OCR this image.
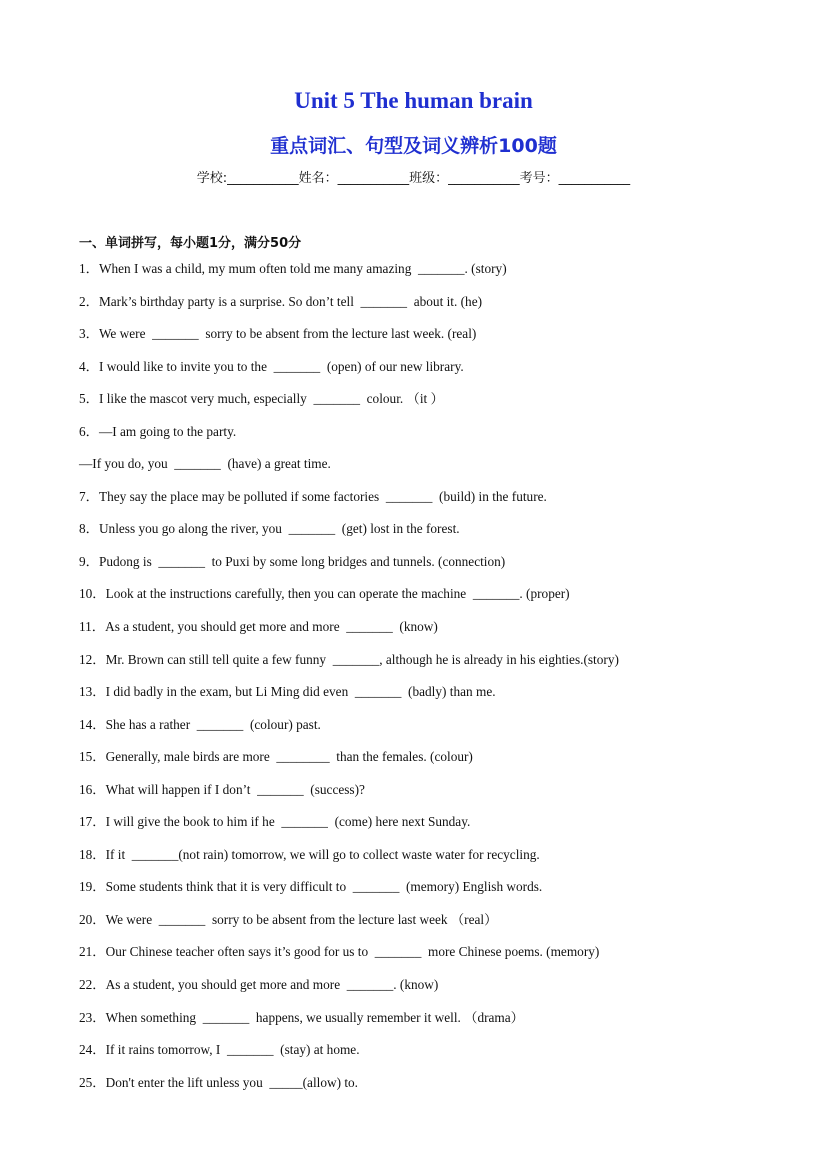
Unit 5 The human brain
重点词汇、句型及词义辨析100题
学校:___________姓名：___________班级：___________考号：___________
一、单词拼写，每小题1分，满分50分
1．When I was a child, my mum often told me many amazing  _______. (story)
2．Mark’s birthday party is a surprise. So don’t tell  _______  about it. (he)
3．We were  _______  sorry to be absent from the lecture last week. (real)
4．I would like to invite you to the  _______  (open) of our new library.
5．I like the mascot very much, especially  _______  colour. （it ）
6．—I am going to the party.
—If you do, you  _______  (have) a great time.
7．They say the place may be polluted if some factories  _______  (build) in the future.
8．Unless you go along the river, you  _______  (get) lost in the forest.
9．Pudong is  _______  to Puxi by some long bridges and tunnels. (connection)
10．Look at the instructions carefully, then you can operate the machine  _______. (proper)
11．As a student, you should get more and more  _______  (know)
12．Mr. Brown can still tell quite a few funny  _______, although he is already in his eighties.(story)
13．I did badly in the exam, but Li Ming did even  _______  (badly) than me.
14．She has a rather  _______  (colour) past.
15．Generally, male birds are more  ________  than the females. (colour)
16．What will happen if I don’t  _______  (success)?
17．I will give the book to him if he  _______  (come) here next Sunday.
18．If it  _______(not rain) tomorrow, we will go to collect waste water for recycling.
19．Some students think that it is very difficult to  _______  (memory) English words.
20．We were  _______  sorry to be absent from the lecture last week （real）
21．Our Chinese teacher often says it’s good for us to  _______  more Chinese poems. (memory)
22．As a student, you should get more and more  _______. (know)
23．When something  _______  happens, we usually remember it well. （drama）
24．If it rains tomorrow, I  _______  (stay) at home.
25．Don't enter the lift unless you  _____(allow) to.
